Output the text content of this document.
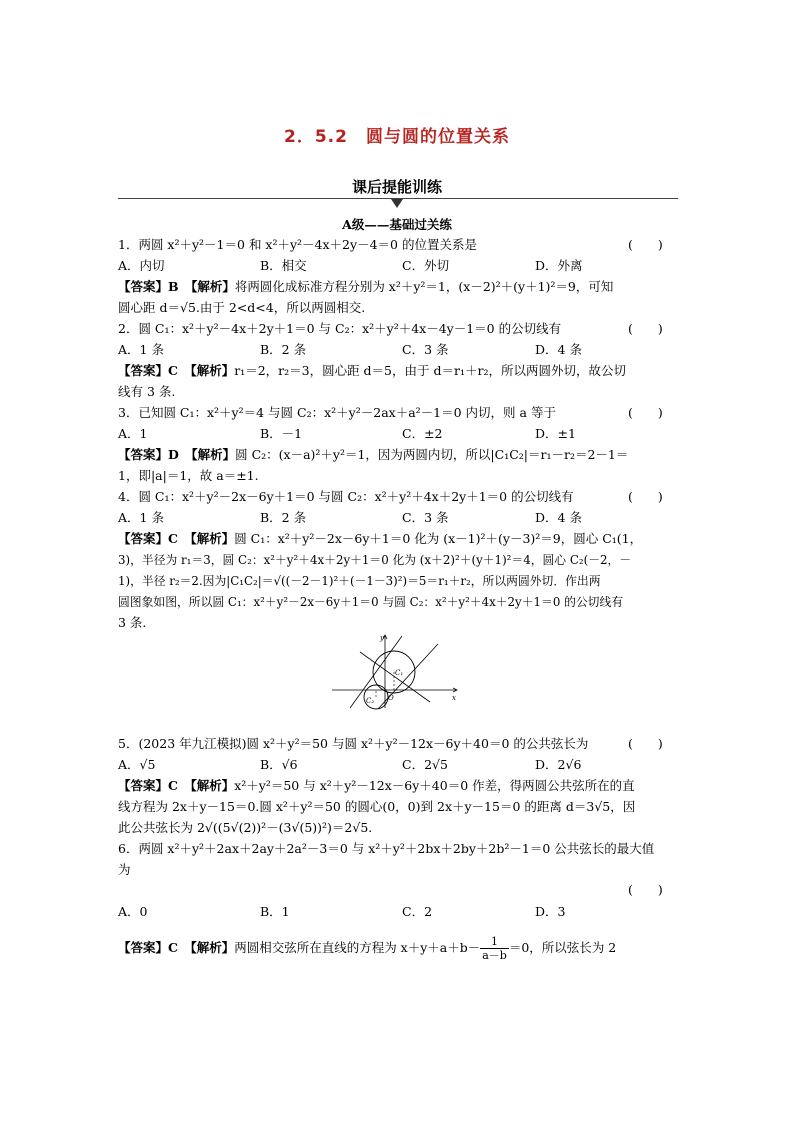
2．5.2　圆与圆的位置关系
课后提能训练
A级——基础过关练
1．两圆 x²＋y²－1＝0 和 x²＋y²－4x＋2y－4＝0 的位置关系是	(　　)
A．内切	B．相交	C．外切	D．外离
【答案】B　【解析】将两圆化成标准方程分别为 x²＋y²＝1，(x－2)²＋(y＋1)²＝9，可知
圆心距 d＝√5.由于 2<d<4，所以两圆相交.
2．圆 C₁：x²＋y²－4x＋2y＋1＝0 与 C₂：x²＋y²＋4x－4y－1＝0 的公切线有	(　　)
A．1 条	B．2 条	C．3 条	D．4 条
【答案】C　【解析】r₁＝2，r₂＝3，圆心距 d＝5，由于 d＝r₁＋r₂，所以两圆外切，故公切
线有 3 条.
3．已知圆 C₁：x²＋y²＝4 与圆 C₂：x²＋y²－2ax＋a²－1＝0 内切，则 a 等于	(　　)
A．1	B．－1	C．±2	D．±1
【答案】D　【解析】圆 C₂：(x－a)²＋y²＝1，因为两圆内切，所以|C₁C₂|＝r₁－r₂＝2－1＝
1，即|a|＝1，故 a＝±1.
4．圆 C₁：x²＋y²－2x－6y＋1＝0 与圆 C₂：x²＋y²＋4x＋2y＋1＝0 的公切线有	(　　)
A．1 条	B．2 条	C．3 条	D．4 条
【答案】C　【解析】圆 C₁：x²＋y²－2x－6y＋1＝0 化为 (x－1)²＋(y－3)²＝9，圆心 C₁(1，
3)，半径为 r₁＝3，圆 C₂：x²＋y²＋4x＋2y＋1＝0 化为 (x＋2)²＋(y＋1)²＝4，圆心 C₂(－2，－
1)，半径 r₂＝2.因为|C₁C₂|＝√((－2－1)²＋(－1－3)²)＝5＝r₁＋r₂，所以两圆外切．作出两
圆图象如图，所以圆 C₁：x²＋y²－2x－6y＋1＝0 与圆 C₂：x²＋y²＋4x＋2y＋1＝0 的公切线有
3 条.
y
x
O
C₁
C₂
5．(2023 年九江模拟)圆 x²＋y²＝50 与圆 x²＋y²－12x－6y＋40＝0 的公共弦长为	(　　)
A．√5	B．√6	C．2√5	D．2√6
【答案】C　【解析】x²＋y²＝50 与 x²＋y²－12x－6y＋40＝0 作差，得两圆公共弦所在的直
线方程为 2x＋y－15＝0.圆 x²＋y²＝50 的圆心(0，0)到 2x＋y－15＝0 的距离 d＝3√5，因
此公共弦长为 2√((5√(2))²－(3√(5))²)＝2√5.
6．两圆 x²＋y²＋2ax＋2ay＋2a²－3＝0 与 x²＋y²＋2bx＋2by＋2b²－1＝0 公共弦长的最大值
为
(　　)
A．0	B．1	C．2	D．3
【答案】C　【解析】两圆相交弦所在直线的方程为 $x+y+a+b- \frac{1}{a-b} =0$，所以弦长为 2
